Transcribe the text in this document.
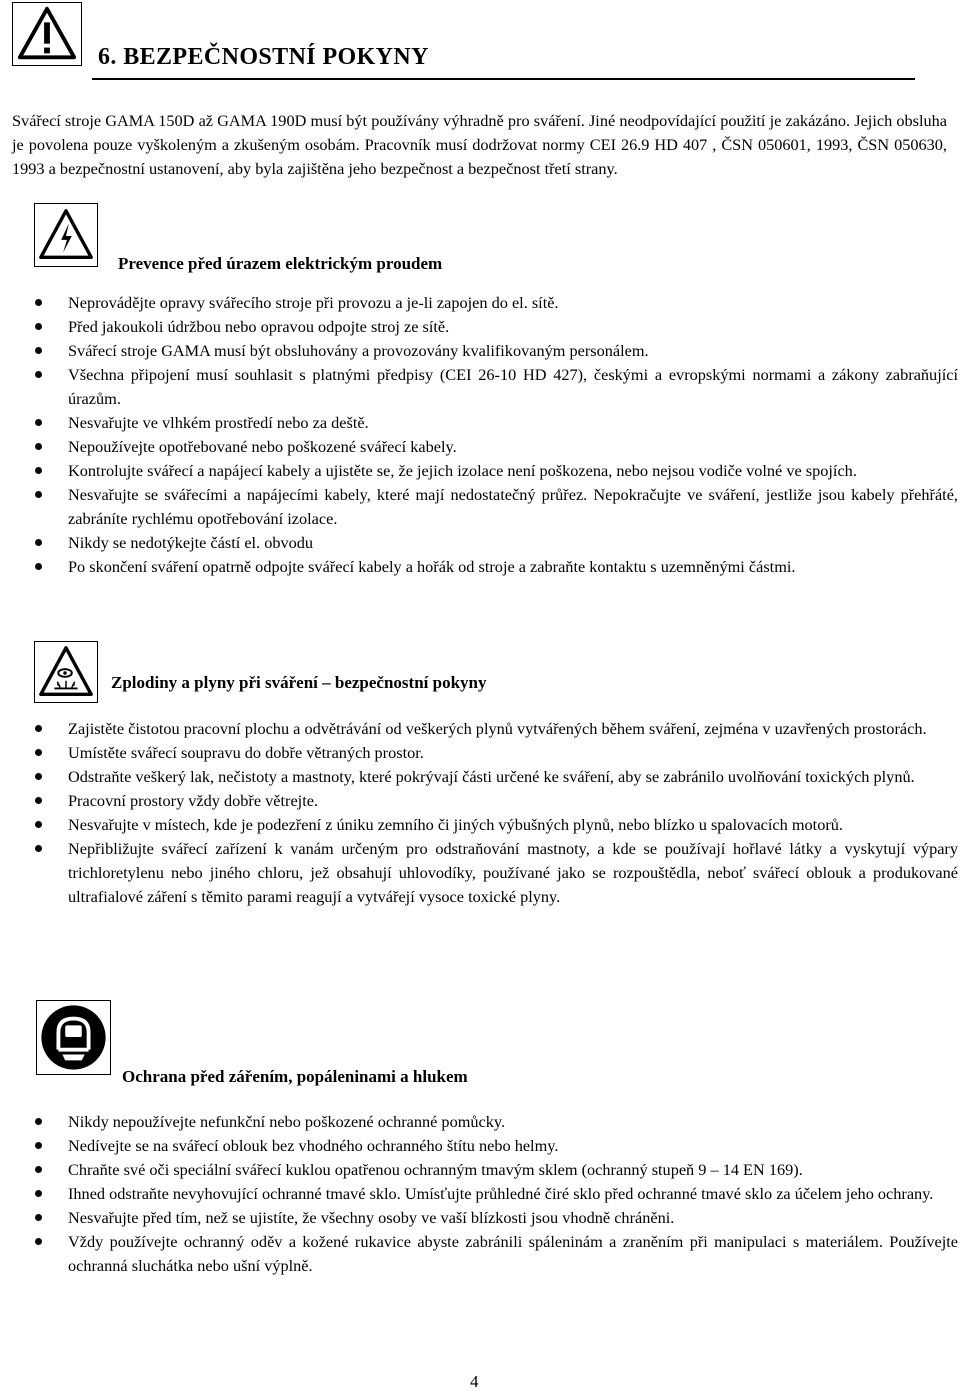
6. BEZPEČNOSTNÍ POKYNY
Svářecí stroje GAMA 150D až GAMA 190D musí být používány výhradně pro sváření. Jiné neodpovídající použití je zakázáno. Jejich obsluha je povolena pouze vyškoleným a zkušeným osobám. Pracovník musí dodržovat normy CEI 26.9 HD 407 , ČSN 050601, 1993, ČSN 050630, 1993 a bezpečnostní ustanovení, aby byla zajištěna jeho bezpečnost a bezpečnost třetí strany.
Prevence před úrazem elektrickým proudem
Neprovádějte opravy svářecího stroje při provozu a je-li zapojen do el. sítě.
Před jakoukoli údržbou nebo opravou odpojte stroj ze sítě.
Svářecí stroje GAMA musí být obsluhovány a provozovány kvalifikovaným personálem.
Všechna připojení musí souhlasit s platnými předpisy (CEI 26-10 HD 427), českými a evropskými normami a zákony zabraňující úrazům.
Nesvařujte ve vlhkém prostředí nebo za deště.
Nepoužívejte opotřebované nebo poškozené svářecí kabely.
Kontrolujte svářecí a napájecí kabely a ujistěte se, že jejich izolace není poškozena, nebo nejsou vodiče volné ve spojích.
Nesvařujte se svářecími a napájecími kabely, které mají nedostatečný průřez. Nepokračujte ve sváření, jestliže jsou kabely přehřáté, zabráníte rychlému opotřebování izolace.
Nikdy se nedotýkejte částí el. obvodu
Po skončení sváření opatrně odpojte svářecí kabely a hořák od stroje a zabraňte kontaktu s uzemněnými částmi.
Zplodiny a plyny při sváření – bezpečnostní pokyny
Zajistěte čistotou pracovní plochu a odvětrávání od veškerých plynů vytvářených během sváření, zejména v uzavřených prostorách.
Umístěte svářecí soupravu do dobře větraných prostor.
Odstraňte veškerý lak, nečistoty a mastnoty, které pokrývají části určené ke sváření, aby se zabránilo uvolňování toxických plynů.
Pracovní prostory vždy dobře větrejte.
Nesvařujte v místech, kde je podezření z úniku zemního či jiných výbušných plynů, nebo blízko u spalovacích motorů.
Nepřibližujte svářecí zařízení k vanám určeným pro odstraňování mastnoty, a kde se používají hořlavé látky a vyskytují výpary trichloretylenu nebo jiného chloru, jež obsahují uhlovodíky, používané jako se rozpouštědla, neboť svářecí oblouk a produkované ultrafialové záření s těmito parami reagují a vytvářejí vysoce toxické plyny.
Ochrana před zářením, popáleninami a hlukem
Nikdy nepoužívejte nefunkční nebo poškozené ochranné pomůcky.
Nedívejte se na svářecí oblouk bez vhodného ochranného štítu nebo helmy.
Chraňte své oči speciální svářecí kuklou opatřenou ochranným tmavým sklem (ochranný stupeň 9 – 14 EN 169).
Ihned odstraňte nevyhovující ochranné tmavé sklo. Umísťujte průhledné čiré sklo před ochranné tmavé sklo za účelem jeho ochrany.
Nesvařujte před tím, než se ujistíte, že všechny osoby ve vaší blízkosti jsou vhodně chráněni.
Vždy používejte ochranný oděv a kožené rukavice abyste zabránili spáleninám a zraněním při manipulaci s materiálem. Používejte ochranná sluchátka nebo ušní výplně.
4
